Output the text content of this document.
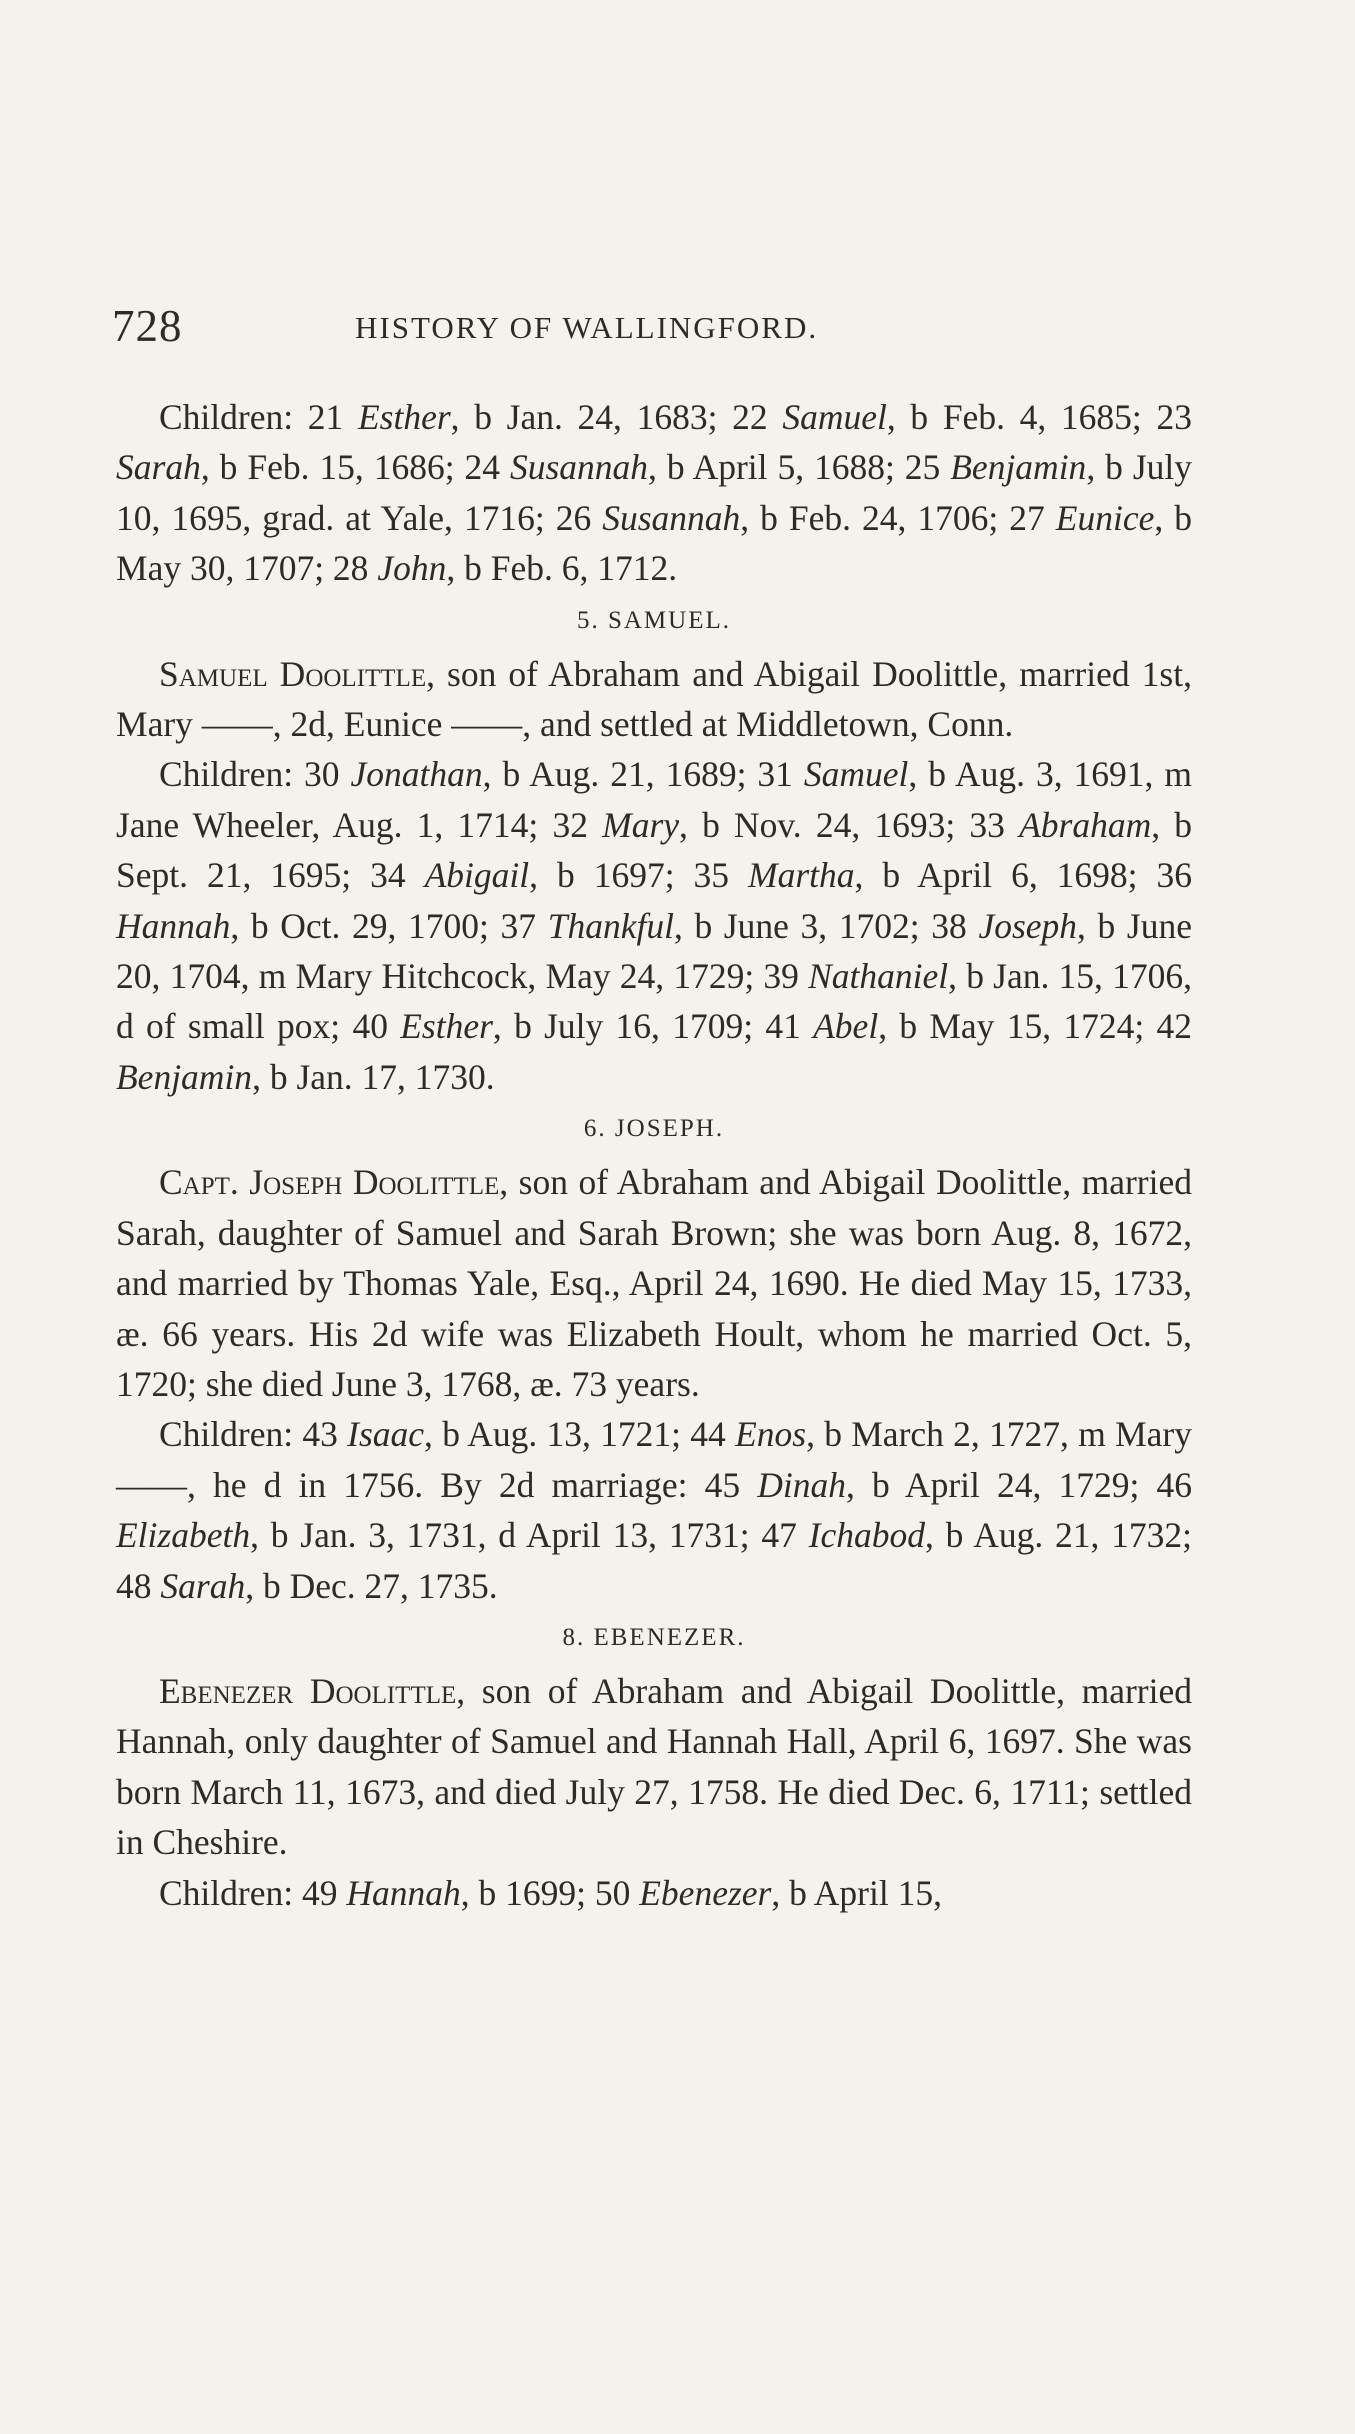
728	HISTORY OF WALLINGFORD.

Children: 21 Esther, b Jan. 24, 1683; 22 Samuel, b Feb. 4, 1685; 23 Sarah, b Feb. 15, 1686; 24 Susannah, b April 5, 1688; 25 Benjamin, b July 10, 1695, grad. at Yale, 1716; 26 Susannah, b Feb. 24, 1706; 27 Eunice, b May 30, 1707; 28 John, b Feb. 6, 1712.

5. SAMUEL.

Samuel Doolittle, son of Abraham and Abigail Doolittle, married 1st, Mary ——, 2d, Eunice ——, and settled at Middletown, Conn.

Children: 30 Jonathan, b Aug. 21, 1689; 31 Samuel, b Aug. 3, 1691, m Jane Wheeler, Aug. 1, 1714; 32 Mary, b Nov. 24, 1693; 33 Abraham, b Sept. 21, 1695; 34 Abigail, b 1697; 35 Martha, b April 6, 1698; 36 Hannah, b Oct. 29, 1700; 37 Thankful, b June 3, 1702; 38 Joseph, b June 20, 1704, m Mary Hitchcock, May 24, 1729; 39 Nathaniel, b Jan. 15, 1706, d of small pox; 40 Esther, b July 16, 1709; 41 Abel, b May 15, 1724; 42 Benjamin, b Jan. 17, 1730.

6. JOSEPH.

Capt. Joseph Doolittle, son of Abraham and Abigail Doolittle, married Sarah, daughter of Samuel and Sarah Brown; she was born Aug. 8, 1672, and married by Thomas Yale, Esq., April 24, 1690. He died May 15, 1733, æ. 66 years. His 2d wife was Elizabeth Hoult, whom he married Oct. 5, 1720; she died June 3, 1768, æ. 73 years.

Children: 43 Isaac, b Aug. 13, 1721; 44 Enos, b March 2, 1727, m Mary ——, he d in 1756. By 2d marriage: 45 Dinah, b April 24, 1729; 46 Elizabeth, b Jan. 3, 1731, d April 13, 1731; 47 Ichabod, b Aug. 21, 1732; 48 Sarah, b Dec. 27, 1735.

8. EBENEZER.

Ebenezer Doolittle, son of Abraham and Abigail Doolittle, married Hannah, only daughter of Samuel and Hannah Hall, April 6, 1697. She was born March 11, 1673, and died July 27, 1758. He died Dec. 6, 1711; settled in Cheshire.

Children: 49 Hannah, b 1699; 50 Ebenezer, b April 15,
